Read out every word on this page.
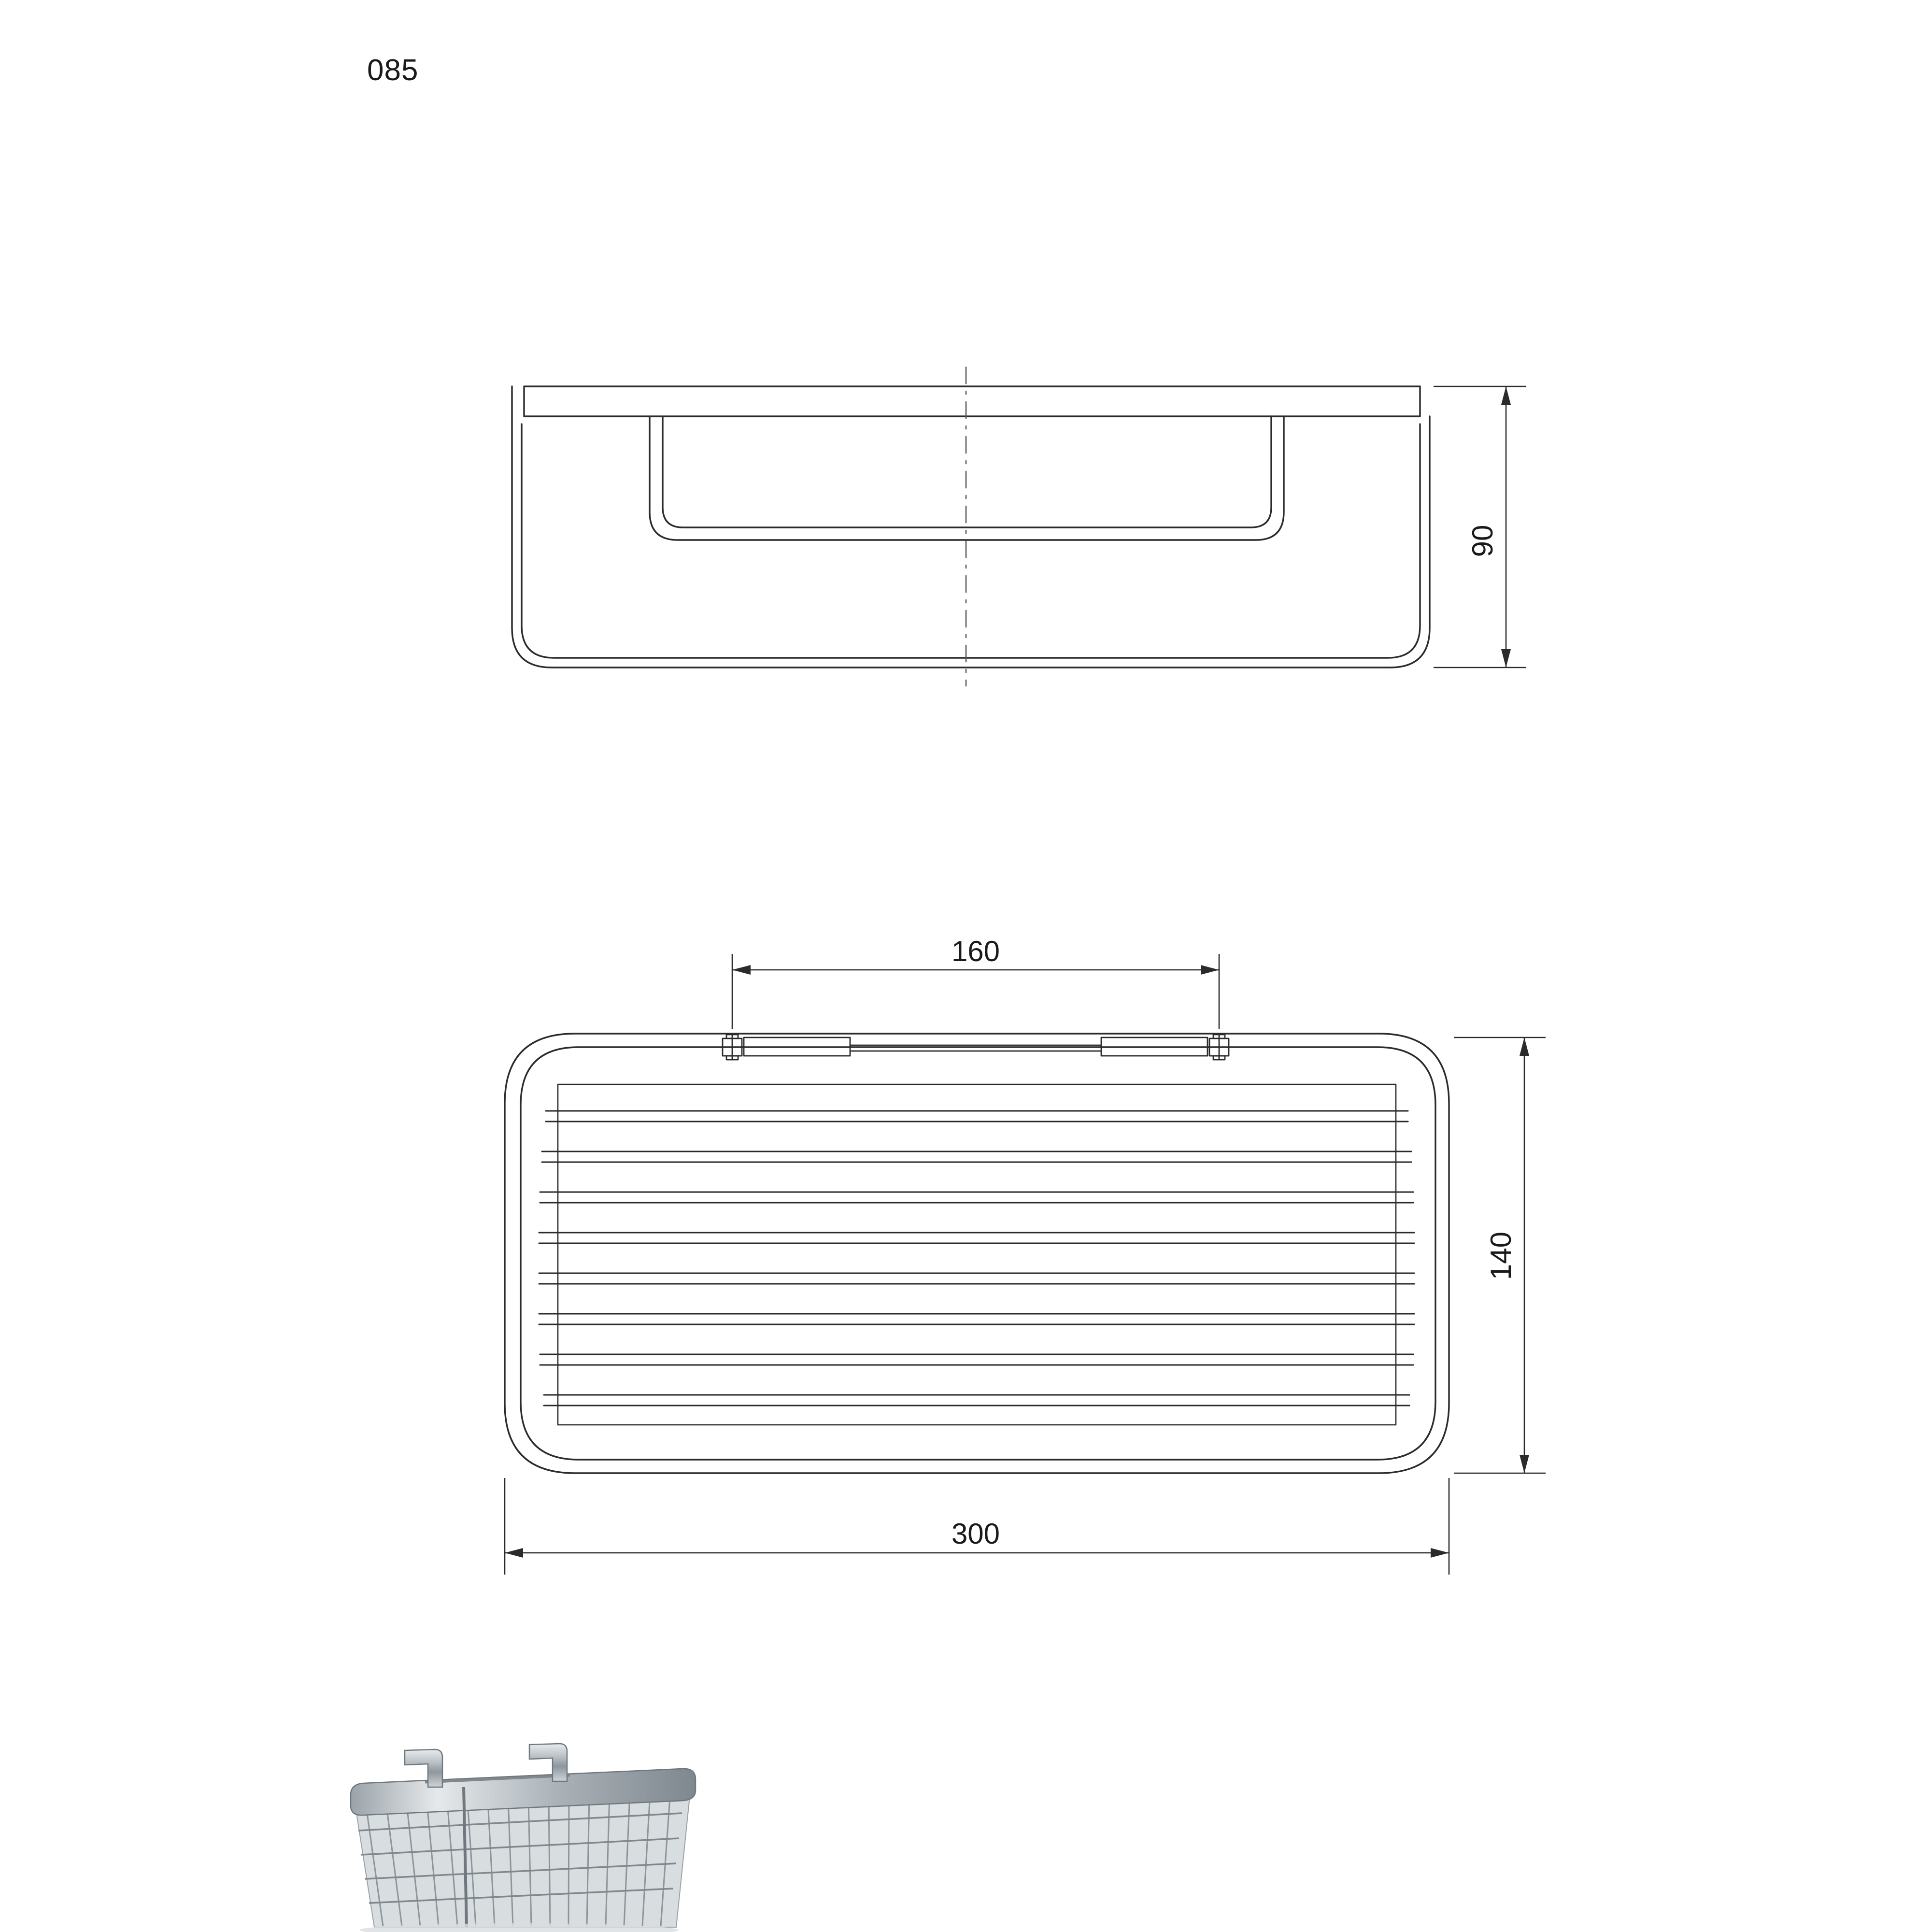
085
90
160
140
300
